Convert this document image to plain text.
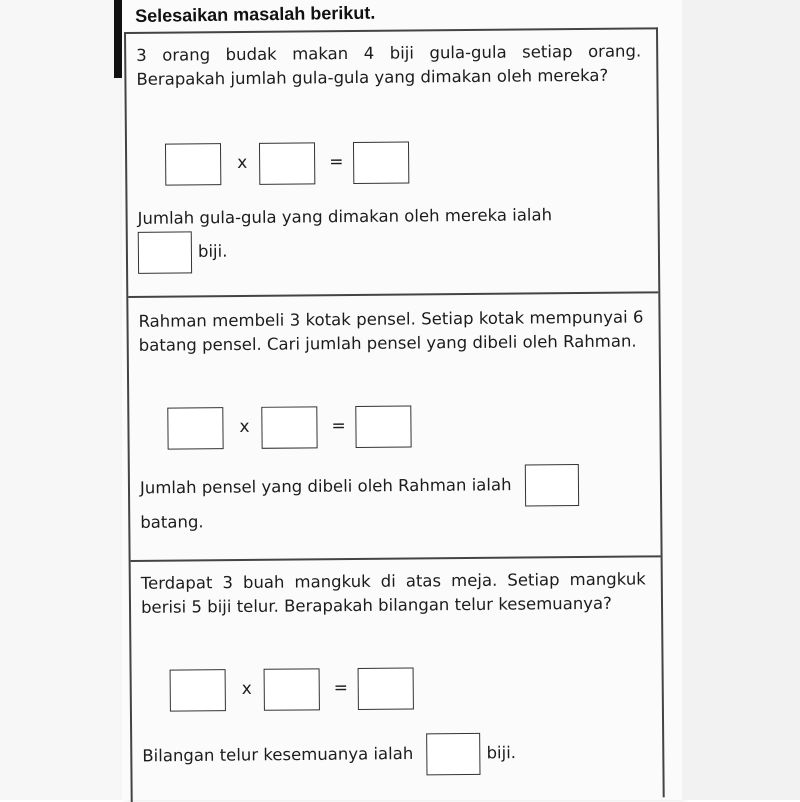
Selesaikan masalah berikut.
3 orang budak makan 4 biji gula-gula setiap orang. Berapakah jumlah gula-gula yang dimakan oleh mereka?
x	=
Jumlah gula-gula yang dimakan oleh mereka ialah
biji.
Rahman membeli 3 kotak pensel. Setiap kotak mempunyai 6 batang pensel. Cari jumlah pensel yang dibeli oleh Rahman.
x	=
Jumlah pensel yang dibeli oleh Rahman ialah
batang.
Terdapat 3 buah mangkuk di atas meja. Setiap mangkuk berisi 5 biji telur. Berapakah bilangan telur kesemuanya?
x	=
Bilangan telur kesemuanya ialah	biji.
